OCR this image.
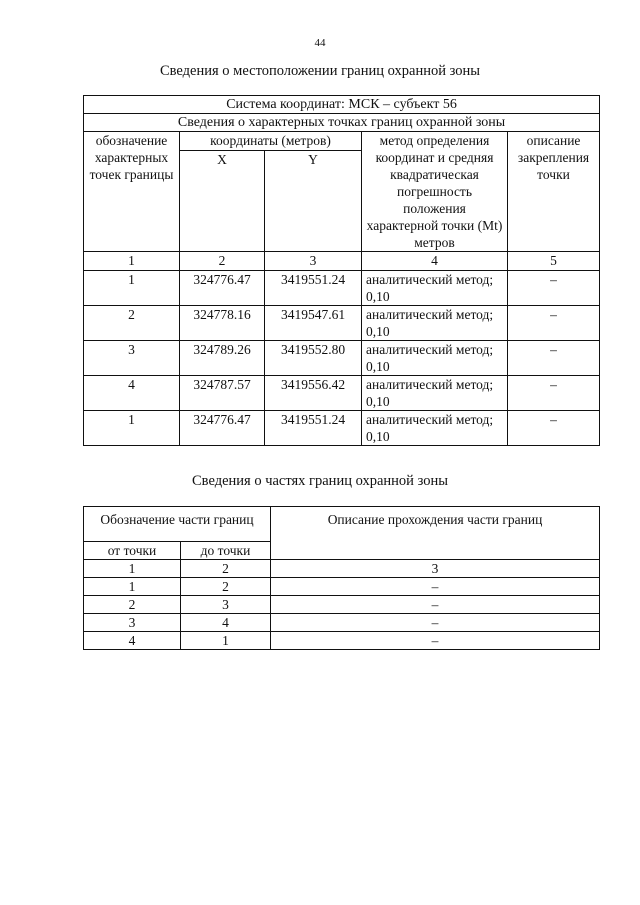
44
Сведения о местоположении границ охранной зоны
Система координат: МСК – субъект 56				
Сведения о характерных точках границ охранной зоны				
обозначение характерных точек границы	координаты (метров)		метод определения координат и средняя квадратическая погрешность положения характерной точки (Mt) метров	описание закрепления точки
	X	Y		
1	2	3	4	5
1	324776.47	3419551.24	аналитический метод; 0,10	–
2	324778.16	3419547.61	аналитический метод; 0,10	–
3	324789.26	3419552.80	аналитический метод; 0,10	–
4	324787.57	3419556.42	аналитический метод; 0,10	–
1	324776.47	3419551.24	аналитический метод; 0,10	–
Сведения о частях границ охранной зоны
Обозначение части границ		Описание прохождения части границ
от точки	до точки	
1	2	3
1	2	–
2	3	–
3	4	–
4	1	–
